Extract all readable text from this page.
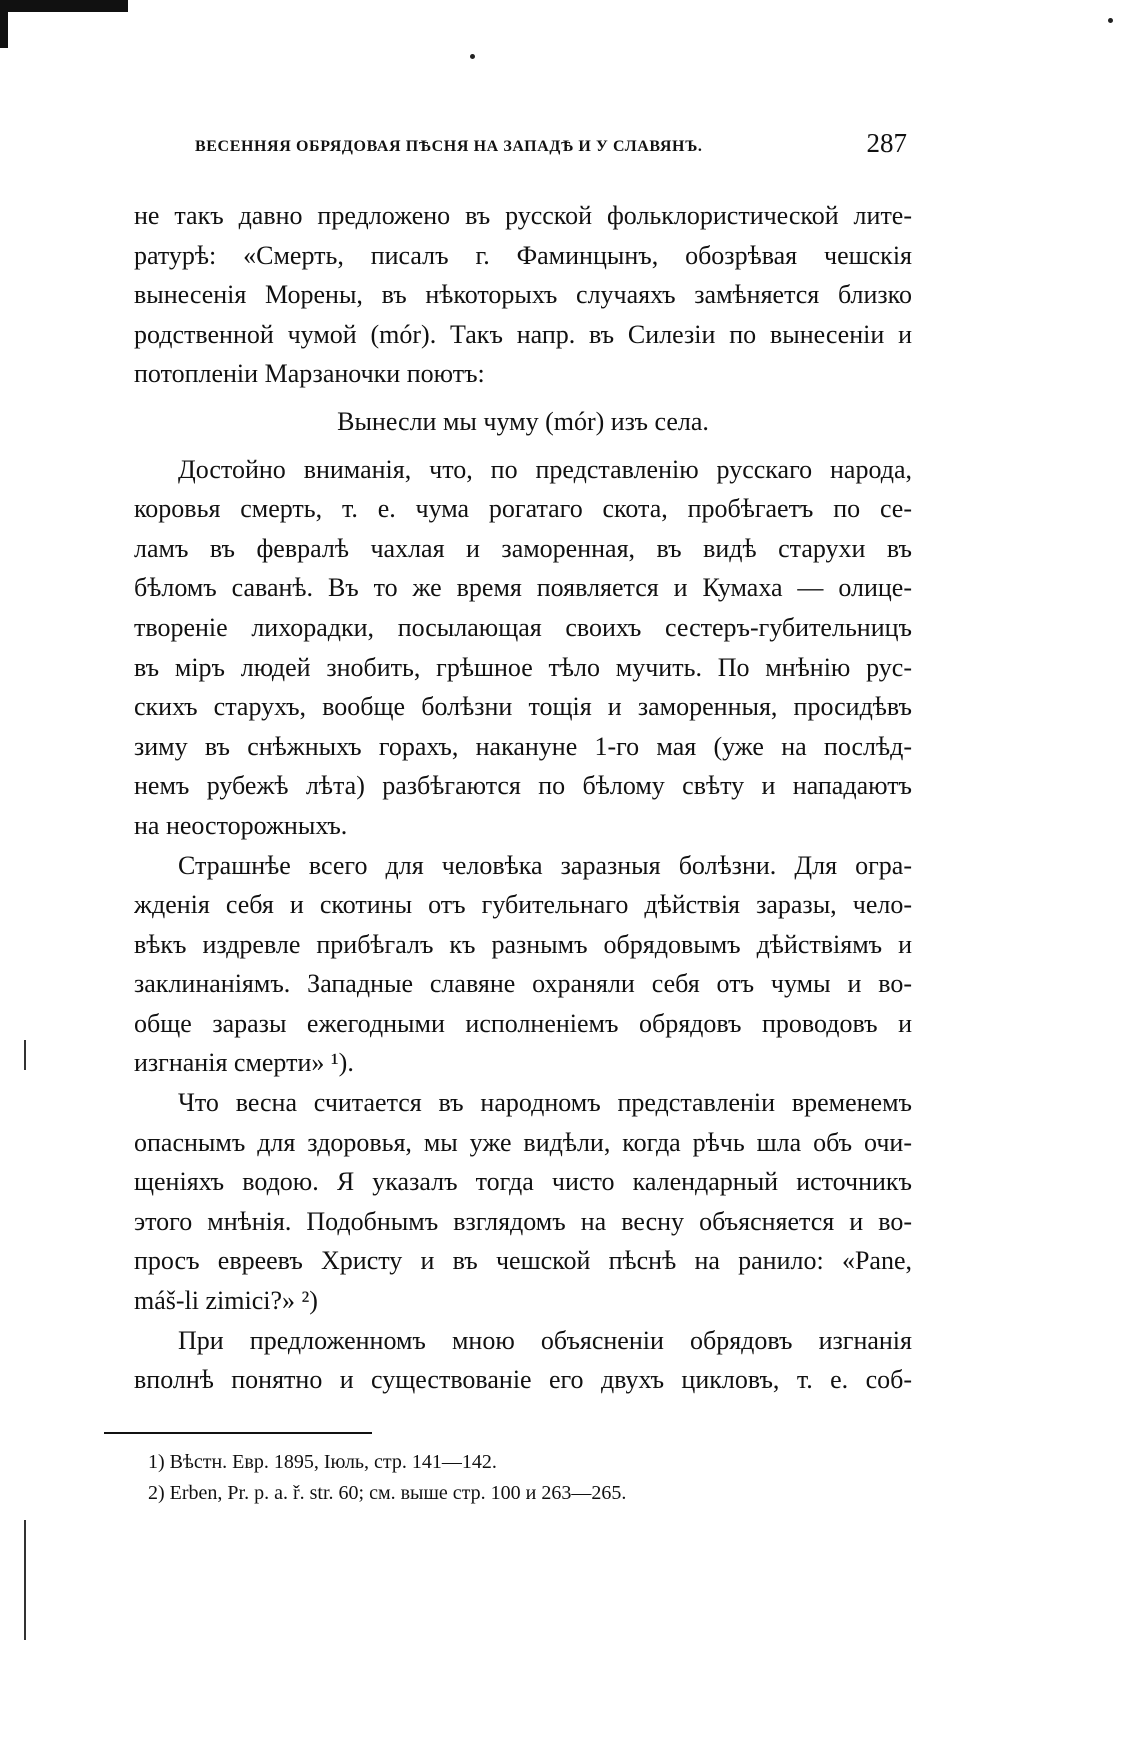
ВЕСЕННЯЯ ОБРЯДОВАЯ ПѢСНЯ НА ЗАПАДѢ И У СЛАВЯНЪ.	287
не такъ давно предложено въ русской фольклористической лите-
ратурѣ: «Смерть, писалъ г. Фаминцынъ, обозрѣвая чешскія
вынесенія Морены, въ нѣкоторыхъ случаяхъ замѣняется близко
родственной чумой (mór). Такъ напр. въ Силезіи по вынесеніи и
потопленіи Марзаночки поютъ:
Вынесли мы чуму (mór) изъ села.
Достойно вниманія, что, по представленію русскаго народа,
коровья смерть, т. е. чума рогатаго скота, пробѣгаетъ по се-
ламъ въ февралѣ чахлая и заморенная, въ видѣ старухи въ
бѣломъ саванѣ. Въ то же время появляется и Кумаха — олице-
твореніе лихорадки, посылающая своихъ сестеръ-губительницъ
въ міръ людей знобить, грѣшное тѣло мучить. По мнѣнію рус-
скихъ старухъ, вообще болѣзни тощія и заморенныя, просидѣвъ
зиму въ снѣжныхъ горахъ, накануне 1-го мая (уже на послѣд-
немъ рубежѣ лѣта) разбѣгаются по бѣлому свѣту и нападаютъ
на неосторожныхъ.
Страшнѣе всего для человѣка заразныя болѣзни. Для огра-
жденія себя и скотины отъ губительнаго дѣйствія заразы, чело-
вѣкъ издревле прибѣгалъ къ разнымъ обрядовымъ дѣйствіямъ и
заклинаніямъ. Западные славяне охраняли себя отъ чумы и во-
обще заразы ежегодными исполненіемъ обрядовъ проводовъ и
изгнанія смерти» ¹).
Что весна считается въ народномъ представленіи временемъ
опаснымъ для здоровья, мы уже видѣли, когда рѣчь шла объ очи-
щеніяхъ водою. Я указалъ тогда чисто календарный источникъ
этого мнѣнія. Подобнымъ взглядомъ на весну объясняется и во-
просъ евреевъ Христу и въ чешской пѣснѣ на ранило: «Pane,
máš-li zimici?» ²)
При предложенномъ мною объясненіи обрядовъ изгнанія
вполнѣ понятно и существованіе его двухъ цикловъ, т. е. соб-
1) Вѣстн. Евр. 1895, Іюль, стр. 141—142.
2) Erben, Pr. p. a. ř. str. 60; см. выше стр. 100 и 263—265.
